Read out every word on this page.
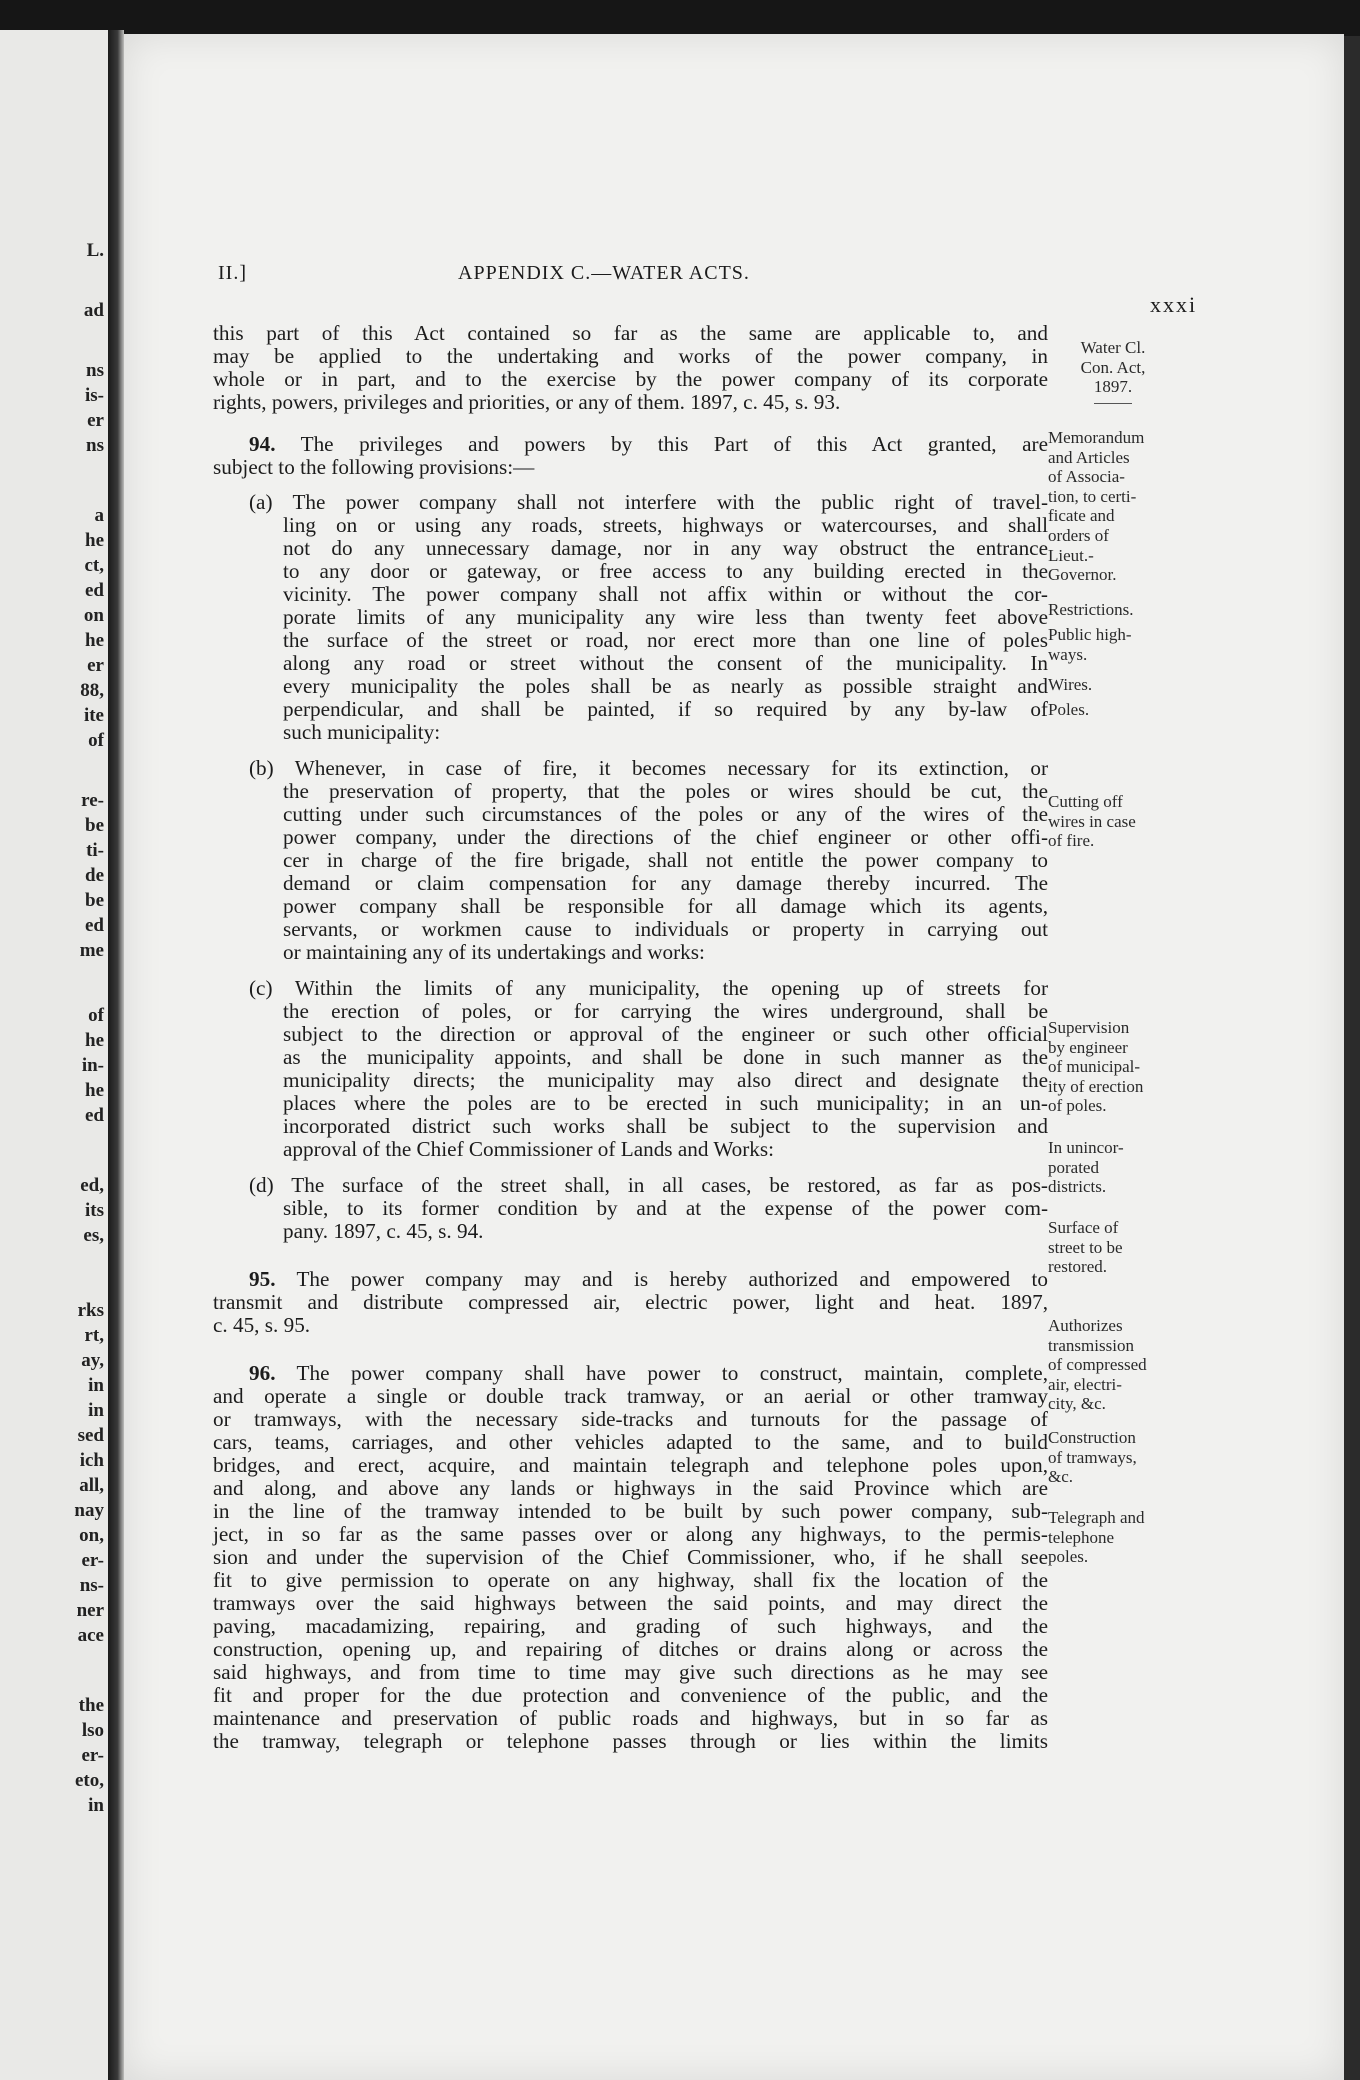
L.
ad
ns
is-
er
ns
a
he
ct,
ed
on
he
er
88,
ite
of
re-
be
ti-
de
be
ed
me
of
he
in-
he
ed
ed,
its
es,
rks
rt,
ay,
in
in
sed
ich
all,
nay
on,
er-
ns-
ner
ace
the
lso
er-
eto,
in
II.]	APPENDIX C.—WATER ACTS.
xxxi
this part of this Act contained so far as the same are applicable to, and
may be applied to the undertaking and works of the power company, in
whole or in part, and to the exercise by the power company of its corporate
rights, powers, privileges and priorities, or any of them. 1897, c. 45, s. 93.
94. The privileges and powers by this Part of this Act granted, are
subject to the following provisions:—
(a) The power company shall not interfere with the public right of travel-
ling on or using any roads, streets, highways or watercourses, and shall
not do any unnecessary damage, nor in any way obstruct the entrance
to any door or gateway, or free access to any building erected in the
vicinity. The power company shall not affix within or without the cor-
porate limits of any municipality any wire less than twenty feet above
the surface of the street or road, nor erect more than one line of poles
along any road or street without the consent of the municipality. In
every municipality the poles shall be as nearly as possible straight and
perpendicular, and shall be painted, if so required by any by-law of
such municipality:
(b) Whenever, in case of fire, it becomes necessary for its extinction, or
the preservation of property, that the poles or wires should be cut, the
cutting under such circumstances of the poles or any of the wires of the
power company, under the directions of the chief engineer or other offi-
cer in charge of the fire brigade, shall not entitle the power company to
demand or claim compensation for any damage thereby incurred. The
power company shall be responsible for all damage which its agents,
servants, or workmen cause to individuals or property in carrying out
or maintaining any of its undertakings and works:
(c) Within the limits of any municipality, the opening up of streets for
the erection of poles, or for carrying the wires underground, shall be
subject to the direction or approval of the engineer or such other official
as the municipality appoints, and shall be done in such manner as the
municipality directs; the municipality may also direct and designate the
places where the poles are to be erected in such municipality; in an un-
incorporated district such works shall be subject to the supervision and
approval of the Chief Commissioner of Lands and Works:
(d) The surface of the street shall, in all cases, be restored, as far as pos-
sible, to its former condition by and at the expense of the power com-
pany. 1897, c. 45, s. 94.
95. The power company may and is hereby authorized and empowered to
transmit and distribute compressed air, electric power, light and heat. 1897,
c. 45, s. 95.
96. The power company shall have power to construct, maintain, complete,
and operate a single or double track tramway, or an aerial or other tramway
or tramways, with the necessary side-tracks and turnouts for the passage of
cars, teams, carriages, and other vehicles adapted to the same, and to build
bridges, and erect, acquire, and maintain telegraph and telephone poles upon,
and along, and above any lands or highways in the said Province which are
in the line of the tramway intended to be built by such power company, sub-
ject, in so far as the same passes over or along any highways, to the permis-
sion and under the supervision of the Chief Commissioner, who, if he shall see
fit to give permission to operate on any highway, shall fix the location of the
tramways over the said highways between the said points, and may direct the
paving, macadamizing, repairing, and grading of such highways, and the
construction, opening up, and repairing of ditches or drains along or across the
said highways, and from time to time may give such directions as he may see
fit and proper for the due protection and convenience of the public, and the
maintenance and preservation of public roads and highways, but in so far as
the tramway, telegraph or telephone passes through or lies within the limits
Water Cl.
Con. Act,
1897.
Memorandum
and Articles
of Associa-
tion, to certi-
ficate and
orders of
Lieut.-
Governor.
Restrictions.
Public high-
ways.
Wires.
Poles.
Cutting off
wires in case
of fire.
Supervision
by engineer
of municipal-
ity of erection
of poles.
In unincor-
porated
districts.
Surface of
street to be
restored.
Authorizes
transmission
of compressed
air, electri-
city, &c.
Construction
of tramways,
&c.
Telegraph and
telephone
poles.
